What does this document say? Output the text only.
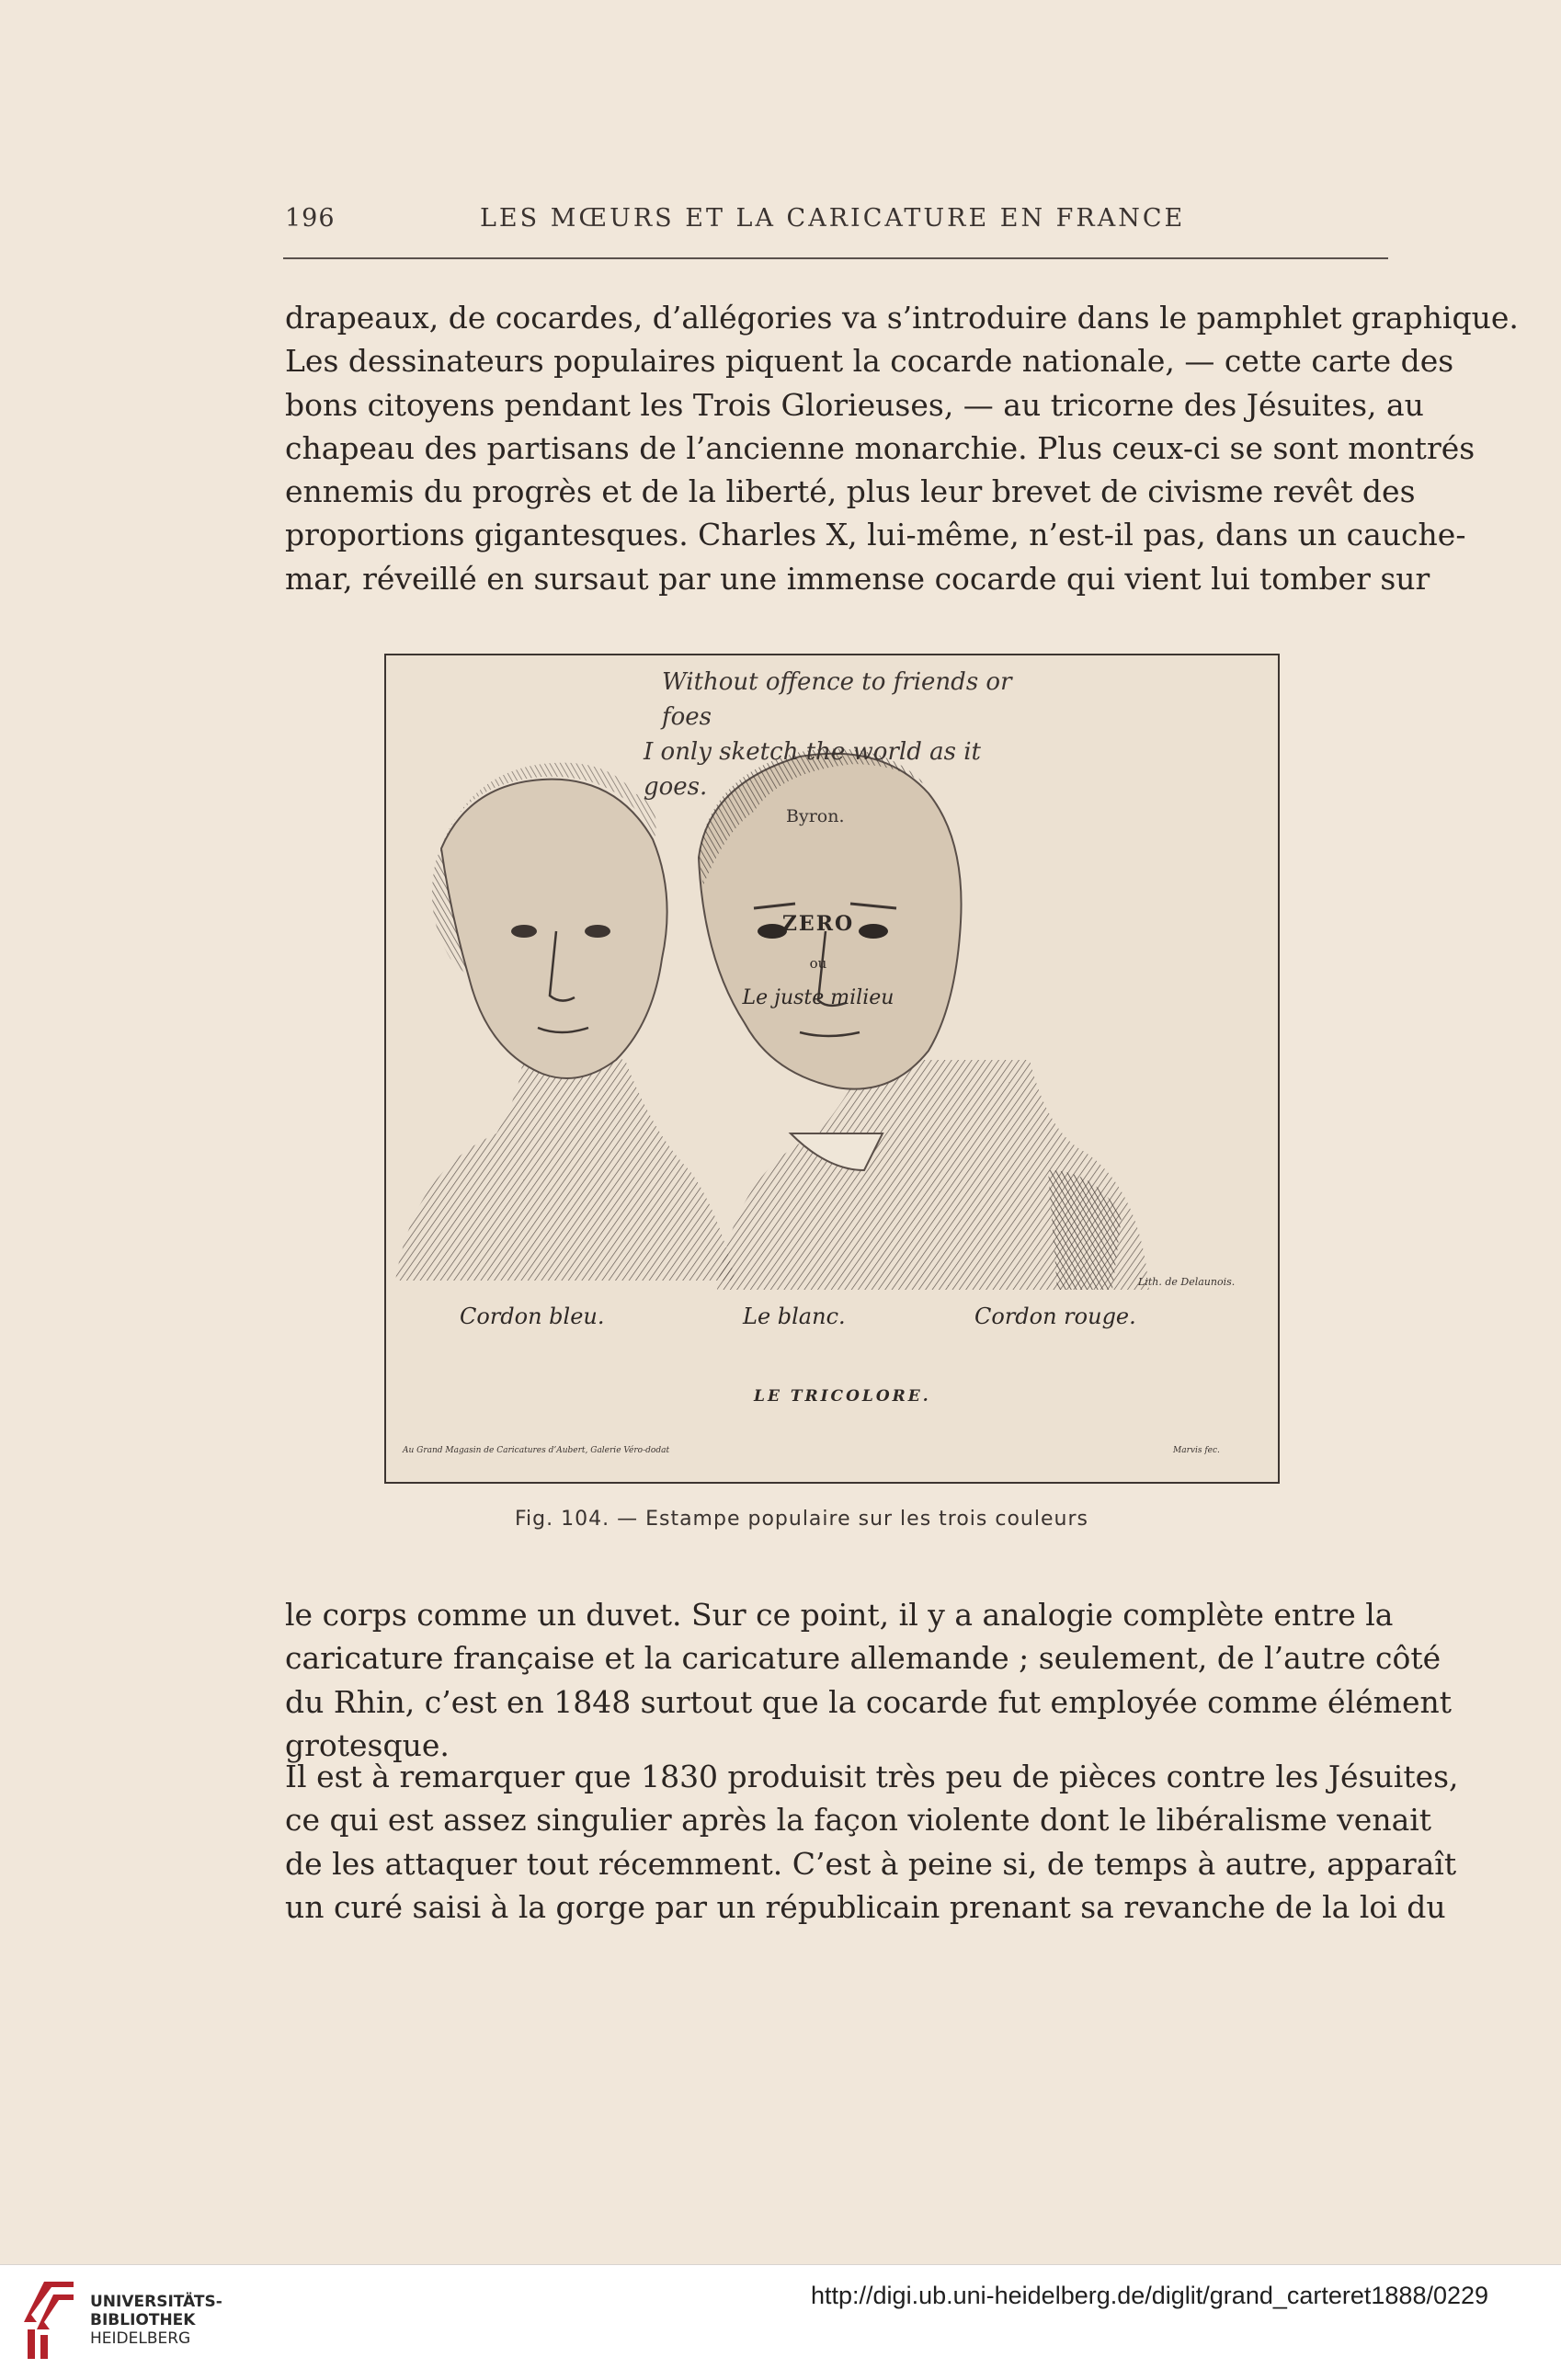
196	LES MŒURS ET LA CARICATURE EN FRANCE
drapeaux, de cocardes, d’allégories va s’introduire dans le pamphlet graphique.
Les dessinateurs populaires piquent la cocarde nationale, — cette carte des
bons citoyens pendant les Trois Glorieuses, — au tricorne des Jésuites, au
chapeau des partisans de l’ancienne monarchie. Plus ceux-ci se sont montrés
ennemis du progrès et de la liberté, plus leur brevet de civisme revêt des
proportions gigantesques. Charles X, lui-même, n’est-il pas, dans un cauche-
mar, réveillé en sursaut par une immense cocarde qui vient lui tomber sur
Without offence to friends or foes
I only sketch the world as it goes.
Byron.
ZERO
ou
Le juste milieu
Lith. de Delaunois.
Cordon bleu.	Le blanc.	Cordon rouge.
LE TRICOLORE.
Au Grand Magasin de Caricatures d’Aubert, Galerie Véro-dodat	Marvis fec.
Fig. 104. — Estampe populaire sur les trois couleurs
le corps comme un duvet. Sur ce point, il y a analogie complète entre la
caricature française et la caricature allemande ; seulement, de l’autre côté
du Rhin, c’est en 1848 surtout que la cocarde fut employée comme élément
grotesque.
Il est à remarquer que 1830 produisit très peu de pièces contre les Jésuites,
ce qui est assez singulier après la façon violente dont le libéralisme venait
de les attaquer tout récemment. C’est à peine si, de temps à autre, apparaît
un curé saisi à la gorge par un républicain prenant sa revanche de la loi du
UNIVERSITÄTS-
BIBLIOTHEK
HEIDELBERG
http://digi.ub.uni-heidelberg.de/diglit/grand_carteret1888/0229
